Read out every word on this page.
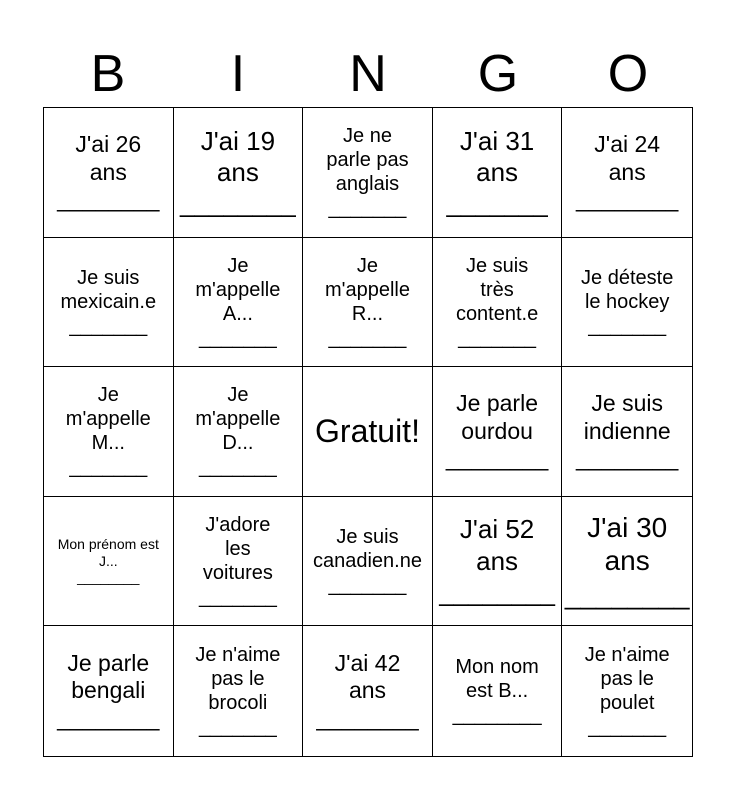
B	I	N	G	O
J'ai 26
ans
________
J'ai 19
ans
________
Je ne
parle pas
anglais
_______
J'ai 31
ans
_______
J'ai 24
ans
________
Je suis
mexicain.e
_______
Je
m'appelle
A...
_______
Je
m'appelle
R...
_______
Je suis
très
content.e
_______
Je déteste
le hockey
_______
Je
m'appelle
M...
_______
Je
m'appelle
D...
_______
Gratuit!
Je parle
ourdou
________
Je suis
indienne
________
Mon prénom est
J...
________
J'adore
les
voitures
_______
Je suis
canadien.ne
_______
J'ai 52
ans
________
J'ai 30
ans
________
Je parle
bengali
________
Je n'aime
pas le
brocoli
_______
J'ai 42
ans
________
Mon nom
est B...
________
Je n'aime
pas le
poulet
_______
